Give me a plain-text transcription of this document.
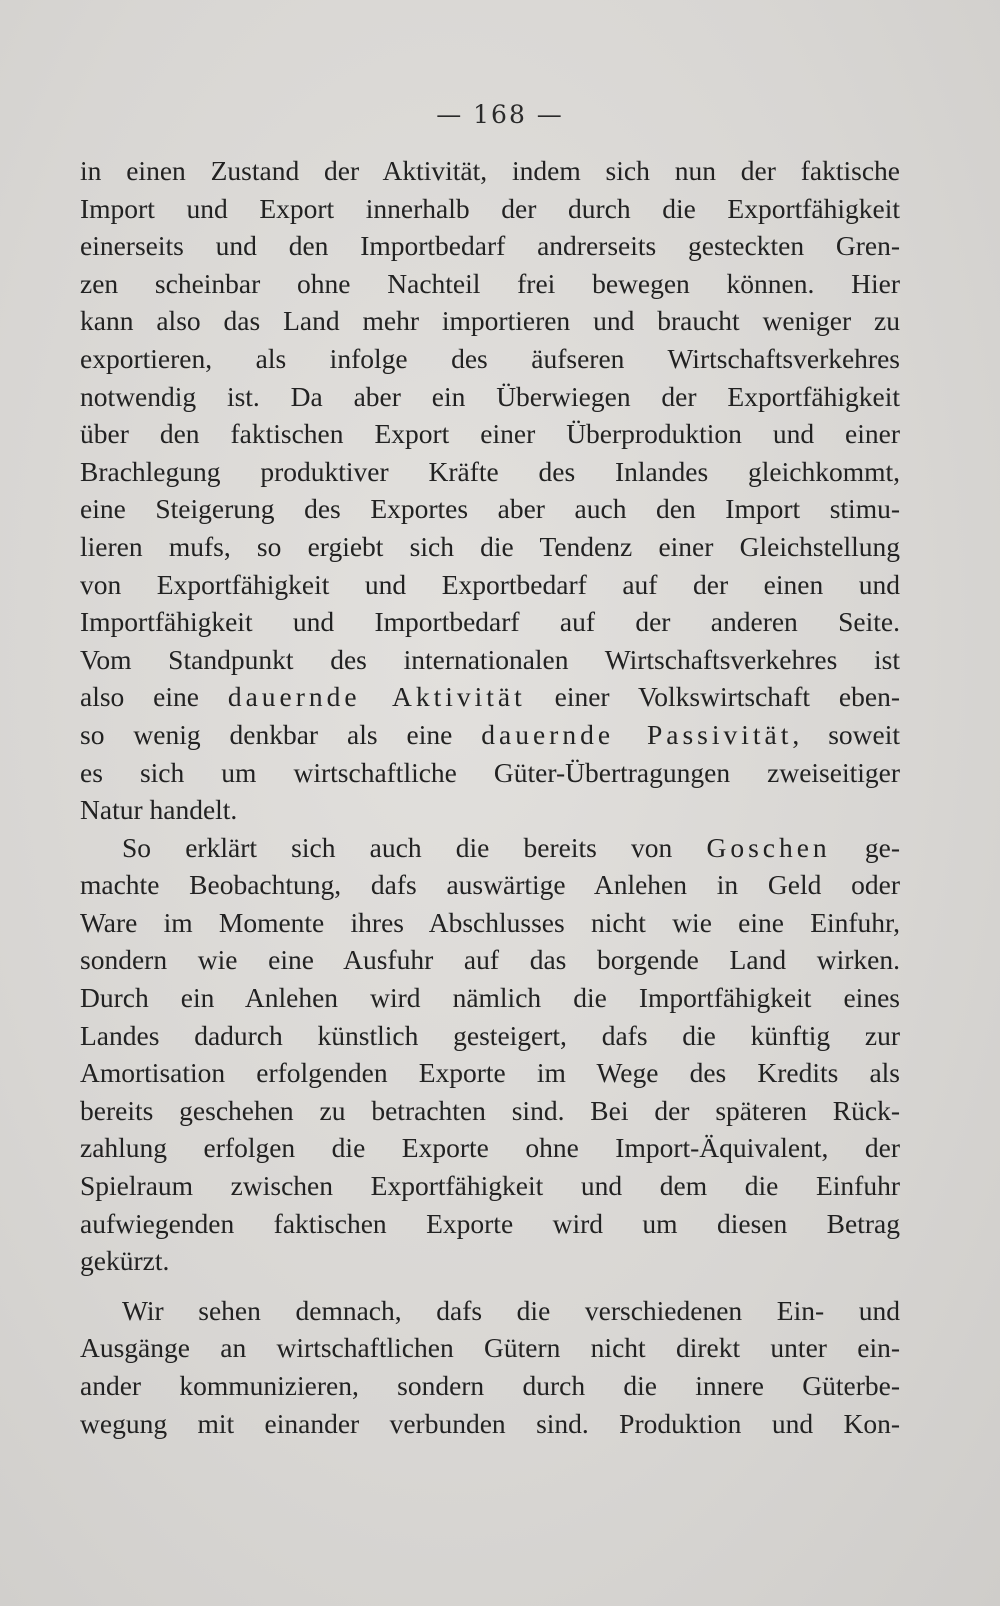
— 168 —

in einen Zustand der Aktivität, indem sich nun der faktische
Import und Export innerhalb der durch die Exportfähigkeit
einerseits und den Importbedarf andrerseits gesteckten Gren-
zen scheinbar ohne Nachteil frei bewegen können. Hier
kann also das Land mehr importieren und braucht weniger zu
exportieren, als infolge des äufseren Wirtschaftsverkehres
notwendig ist. Da aber ein Überwiegen der Exportfähigkeit
über den faktischen Export einer Überproduktion und einer
Brachlegung produktiver Kräfte des Inlandes gleichkommt,
eine Steigerung des Exportes aber auch den Import stimu-
lieren mufs, so ergiebt sich die Tendenz einer Gleichstellung
von Exportfähigkeit und Exportbedarf auf der einen und
Importfähigkeit und Importbedarf auf der anderen Seite.
Vom Standpunkt des internationalen Wirtschaftsverkehres ist
also eine dauernde Aktivität einer Volkswirtschaft eben-
so wenig denkbar als eine dauernde Passivität, soweit
es sich um wirtschaftliche Güter-Übertragungen zweiseitiger
Natur handelt.

So erklärt sich auch die bereits von Goschen ge-
machte Beobachtung, dafs auswärtige Anlehen in Geld oder
Ware im Momente ihres Abschlusses nicht wie eine Einfuhr,
sondern wie eine Ausfuhr auf das borgende Land wirken.
Durch ein Anlehen wird nämlich die Importfähigkeit eines
Landes dadurch künstlich gesteigert, dafs die künftig zur
Amortisation erfolgenden Exporte im Wege des Kredits als
bereits geschehen zu betrachten sind. Bei der späteren Rück-
zahlung erfolgen die Exporte ohne Import-Äquivalent, der
Spielraum zwischen Exportfähigkeit und dem die Einfuhr
aufwiegenden faktischen Exporte wird um diesen Betrag
gekürzt.

Wir sehen demnach, dafs die verschiedenen Ein- und
Ausgänge an wirtschaftlichen Gütern nicht direkt unter ein-
ander kommunizieren, sondern durch die innere Güterbe-
wegung mit einander verbunden sind. Produktion und Kon-
